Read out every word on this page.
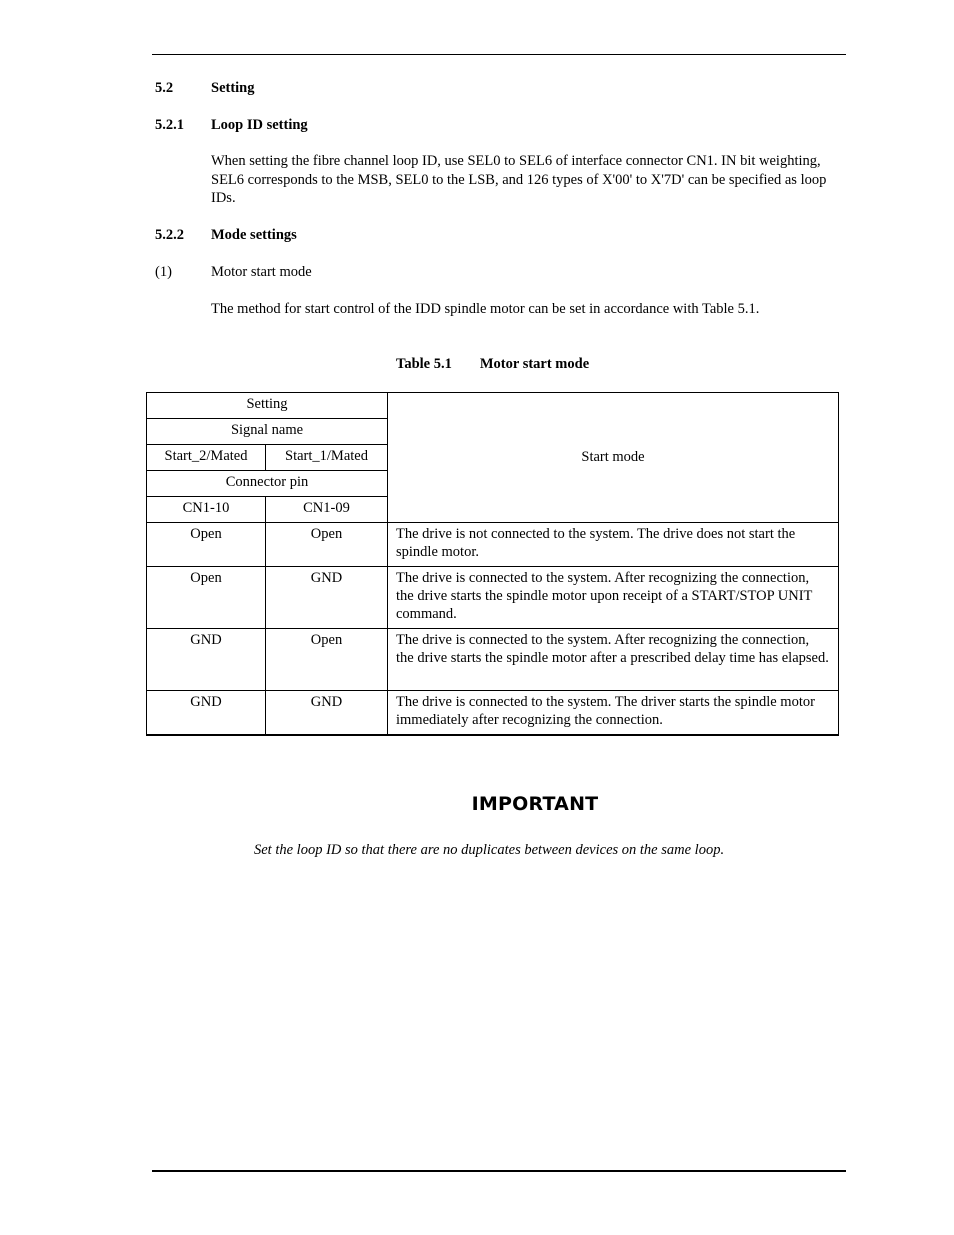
5.2	Setting
5.2.1 Loop ID setting
When setting the fibre channel loop ID, use SEL0 to SEL6 of interface connector CN1. IN bit weighting, SEL6 corresponds to the MSB, SEL0 to the LSB, and 126 types of X'00' to X'7D' can be specified as loop IDs.
5.2.2 Mode settings
(1)	Motor start mode
The method for start control of the IDD spindle motor can be set in accordance with Table 5.1.
Table 5.1 Motor start mode
Setting		Start mode
Signal name		
Start_2/Mated	Start_1/Mated	
Connector pin		
CN1-10	CN1-09	
Open	Open	The drive is not connected to the system. The drive does not start the spindle motor.
Open	GND	The drive is connected to the system. After recognizing the connection, the drive starts the spindle motor upon receipt of a START/STOP UNIT command.
GND	Open	The drive is connected to the system. After recognizing the connection, the drive starts the spindle motor after a prescribed delay time has elapsed.
GND	GND	The drive is connected to the system. The driver starts the spindle motor immediately after recognizing the connection.
IMPORTANT
Set the loop ID so that there are no duplicates between devices on the same loop.
